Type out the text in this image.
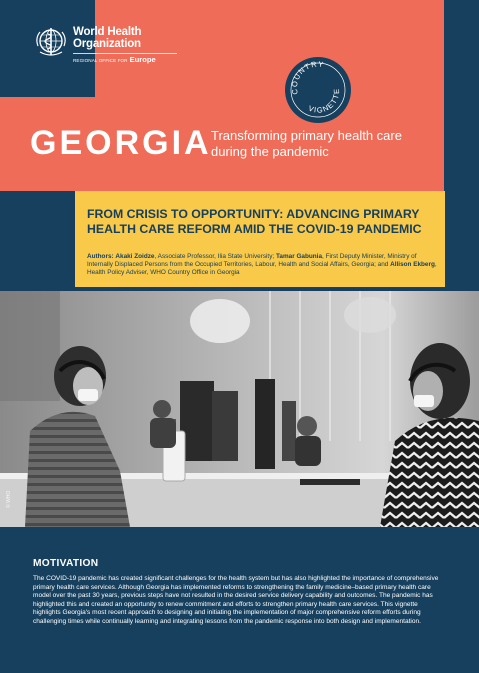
World Health
Organization
REGIONAL OFFICE FOR Europe
COUNTRY
VIGNETTE
GEORGIA Transforming primary health care during the pandemic
FROM CRISIS TO OPPORTUNITY: ADVANCING PRIMARY HEALTH CARE REFORM AMID THE COVID-19 PANDEMIC

Authors: Akaki Zoidze, Associate Professor, Ilia State University; Tamar Gabunia, First Deputy Minister, Ministry of Internally Displaced Persons from the Occupied Territories, Labour, Health and Social Affairs, Georgia; and Allison Ekberg, Health Policy Adviser, WHO Country Office in Georgia

© WHO
MOTIVATION

The COVID-19 pandemic has created significant challenges for the health system but has also highlighted the importance of comprehensive primary health care services. Although Georgia has implemented reforms to strengthening the family medicine–based primary health care model over the past 30 years, previous steps have not resulted in the desired service delivery capability and outcomes. The pandemic has highlighted this and created an opportunity to renew commitment and efforts to strengthen primary health care services. This vignette highlights Georgia's most recent approach to designing and initiating the implementation of major comprehensive reform efforts during challenging times while continually learning and integrating lessons from the pandemic response into both design and implementation.
